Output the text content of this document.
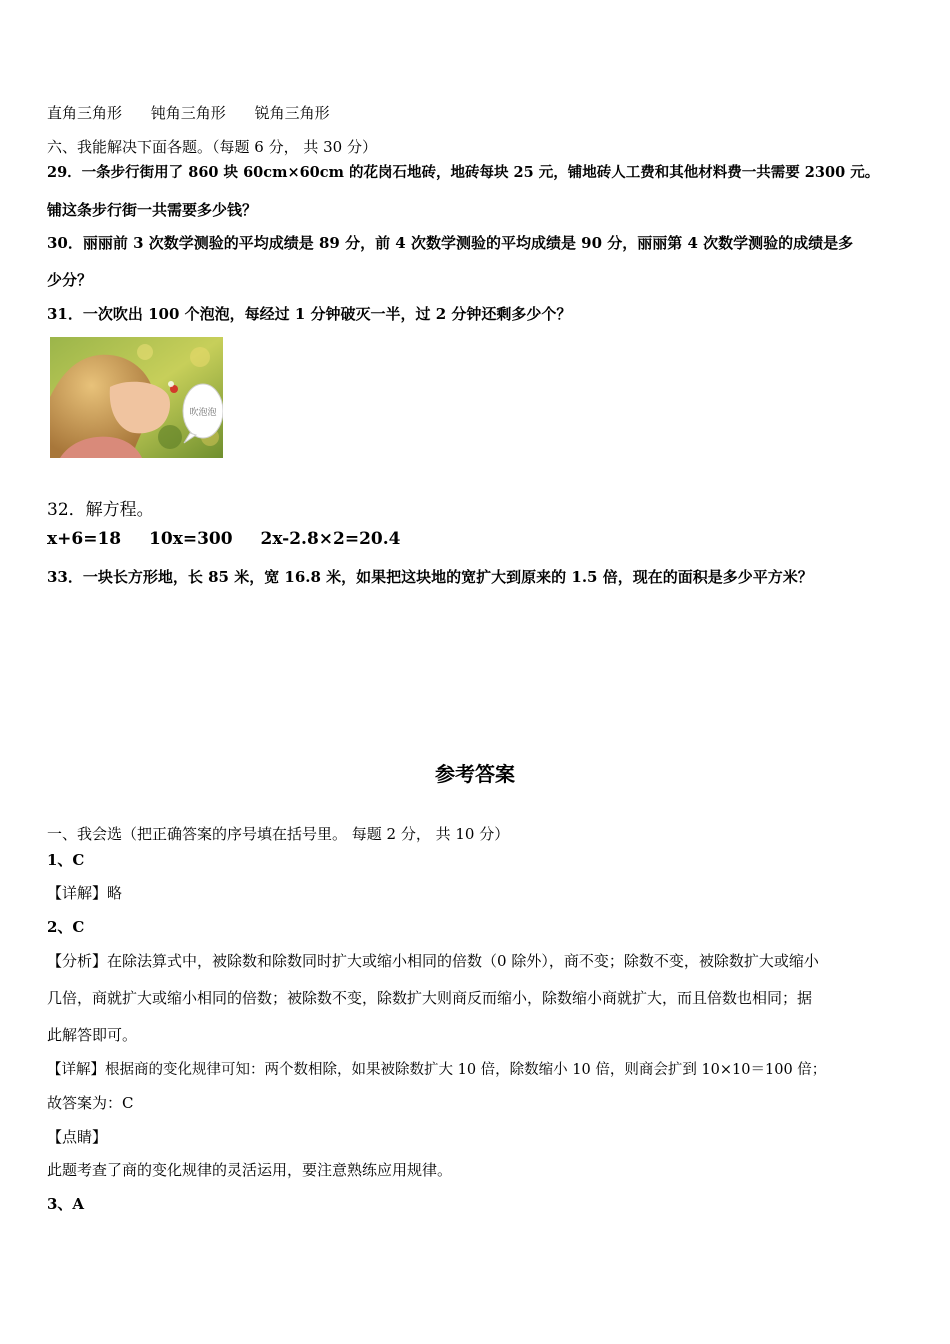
直角三角形 钝角三角形 锐角三角形
六、我能解决下面各题。（每题 6 分， 共 30 分）
29．一条步行街用了 860 块 60cm×60cm 的花岗石地砖，地砖每块 25 元，铺地砖人工费和其他材料费一共需要 2300 元。
铺这条步行街一共需要多少钱？
30．丽丽前 3 次数学测验的平均成绩是 89 分，前 4 次数学测验的平均成绩是 90 分，丽丽第 4 次数学测验的成绩是多
少分？
31．一次吹出 100 个泡泡，每经过 1 分钟破灭一半，过 2 分钟还剩多少个？
吹泡泡
32．解方程。
x+6=18 10x=300 2x-2.8×2=20.4
33．一块长方形地，长 85 米，宽 16.8 米，如果把这块地的宽扩大到原来的 1.5 倍，现在的面积是多少平方米？
参考答案
一、我会选（把正确答案的序号填在括号里。 每题 2 分， 共 10 分）
1、C
【详解】略
2、C
【分析】在除法算式中，被除数和除数同时扩大或缩小相同的倍数（0 除外），商不变；除数不变，被除数扩大或缩小
几倍，商就扩大或缩小相同的倍数；被除数不变，除数扩大则商反而缩小，除数缩小商就扩大，而且倍数也相同；据
此解答即可。
【详解】根据商的变化规律可知：两个数相除，如果被除数扩大 10 倍，除数缩小 10 倍，则商会扩到 10×10＝100 倍；
故答案为：C
【点睛】
此题考查了商的变化规律的灵活运用，要注意熟练应用规律。
3、A
